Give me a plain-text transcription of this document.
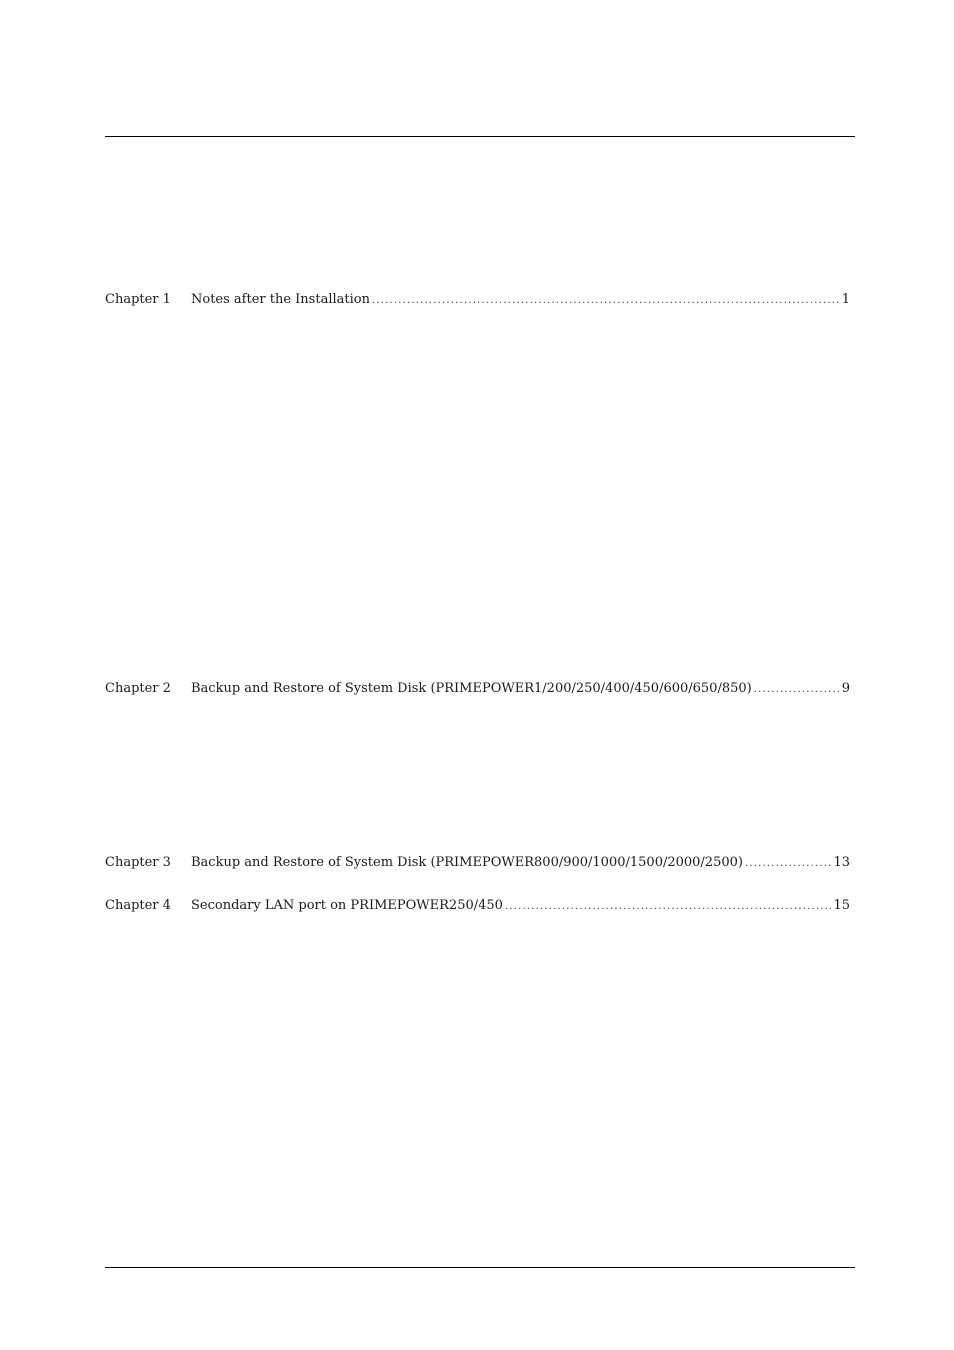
Chapter 1	Notes after the Installation .....	1
Chapter 2	Backup and Restore of System Disk (PRIMEPOWER1/200/250/400/450/600/650/850) .....	9
Chapter 3	Backup and Restore of System Disk (PRIMEPOWER800/900/1000/1500/2000/2500) .....	13
Chapter 4	Secondary LAN port on PRIMEPOWER250/450 .....	15
